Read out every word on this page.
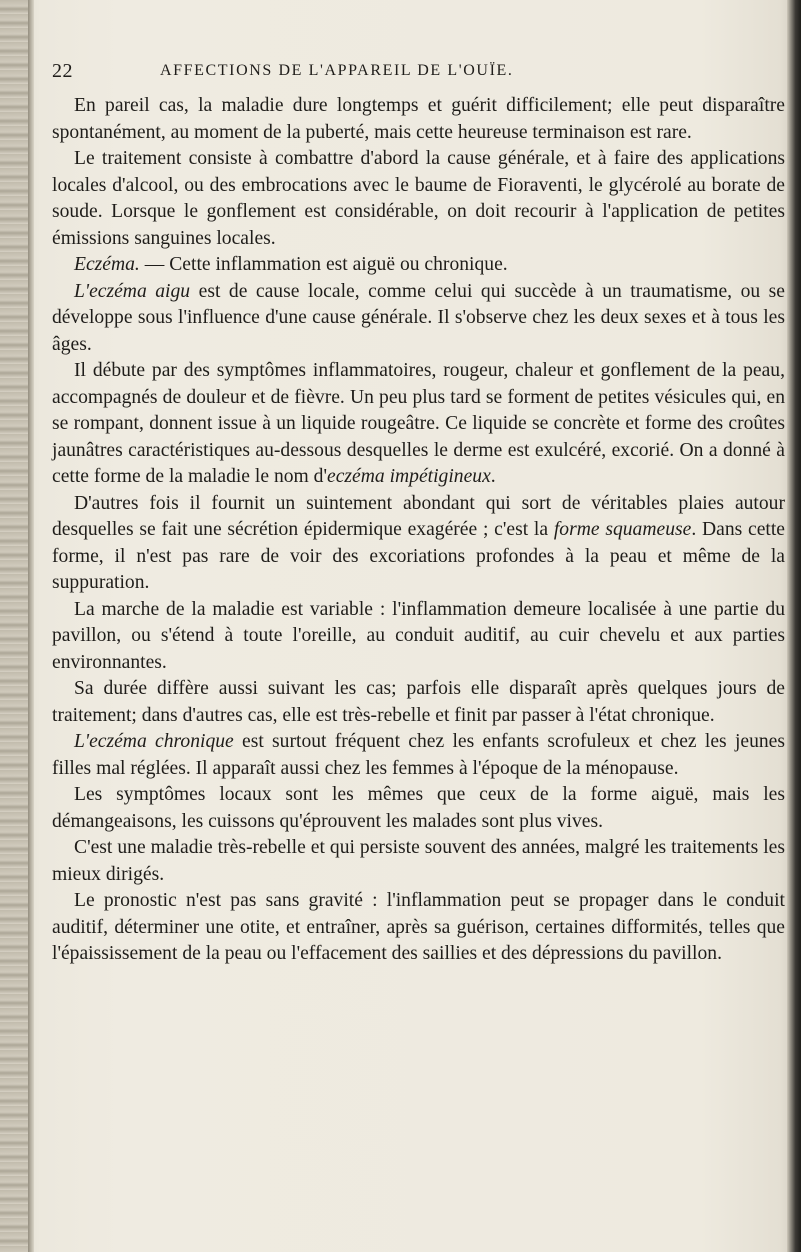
22	AFFECTIONS DE L'APPAREIL DE L'OUÏE.

En pareil cas, la maladie dure longtemps et guérit difficilement; elle peut disparaître spontanément, au moment de la puberté, mais cette heureuse terminaison est rare.

Le traitement consiste à combattre d'abord la cause générale, et à faire des applications locales d'alcool, ou des embrocations avec le baume de Fioraventi, le glycérolé au borate de soude. Lorsque le gonflement est considérable, on doit recourir à l'application de petites émissions sanguines locales.

Eczéma. — Cette inflammation est aiguë ou chronique.

L'eczéma aigu est de cause locale, comme celui qui succède à un traumatisme, ou se développe sous l'influence d'une cause générale. Il s'observe chez les deux sexes et à tous les âges.

Il débute par des symptômes inflammatoires, rougeur, chaleur et gonflement de la peau, accompagnés de douleur et de fièvre. Un peu plus tard se forment de petites vésicules qui, en se rompant, donnent issue à un liquide rougeâtre. Ce liquide se concrète et forme des croûtes jaunâtres caractéristiques au-dessous desquelles le derme est exulcéré, excorié. On a donné à cette forme de la maladie le nom d'eczéma impétigineux.

D'autres fois il fournit un suintement abondant qui sort de véritables plaies autour desquelles se fait une sécrétion épidermique exagérée ; c'est la forme squameuse. Dans cette forme, il n'est pas rare de voir des excoriations profondes à la peau et même de la suppuration.

La marche de la maladie est variable : l'inflammation demeure localisée à une partie du pavillon, ou s'étend à toute l'oreille, au conduit auditif, au cuir chevelu et aux parties environnantes.

Sa durée diffère aussi suivant les cas; parfois elle disparaît après quelques jours de traitement; dans d'autres cas, elle est très-rebelle et finit par passer à l'état chronique.

L'eczéma chronique est surtout fréquent chez les enfants scrofuleux et chez les jeunes filles mal réglées. Il apparaît aussi chez les femmes à l'époque de la ménopause.

Les symptômes locaux sont les mêmes que ceux de la forme aiguë, mais les démangeaisons, les cuissons qu'éprouvent les malades sont plus vives.

C'est une maladie très-rebelle et qui persiste souvent des années, malgré les traitements les mieux dirigés.

Le pronostic n'est pas sans gravité : l'inflammation peut se propager dans le conduit auditif, déterminer une otite, et entraîner, après sa guérison, certaines difformités, telles que l'épaississement de la peau ou l'effacement des saillies et des dépressions du pavillon.
